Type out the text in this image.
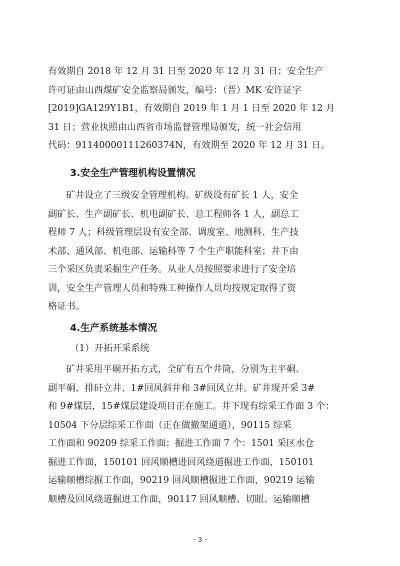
有效期自 2018 年 12 月 31 日至 2020 年 12 月 31 日；安全生产
许可证由山西煤矿安全监察局颁发，编号：（晋）MK 安许证字
[2019]GA129Y1B1，有效期自 2019 年 1 月 1 日至 2020 年 12 月
31 日；营业执照由山西省市场监督管理局颁发，统一社会信用
代码：91140000111260374N，有效期至 2020 年 12 月 31 日。
3.安全生产管理机构设置情况
矿井设立了三级安全管理机构。矿级设有矿长 1 人，安全
副矿长、生产副矿长、机电副矿长、总工程师各 1 人，副总工
程师 7 人；科级管理层设有安全部、调度室、地测科、生产技
术部、通风部、机电部、运输科等 7 个生产职能科室；井下由
三个采区负责采掘生产任务。从业人员按照要求进行了安全培
训，安全生产管理人员和特殊工种操作人员均按规定取得了资
格证书。
4.生产系统基本情况
（1）开拓开采系统
矿井采用平硐开拓方式，全矿有五个井筒，分别为主平硐、
副平硐、排矸立井、1#回风斜井和 3#回风立井。矿井现开采 3#
和 9#煤层，15#煤层建设项目正在施工。井下现有综采工作面 3 个：
10504 下分层综采工作面（正在做撤架通道），90115 综采
工作面和 90209 综采工作面；掘进工作面 7 个：1501 采区水仓
掘进工作面，150101 回风顺槽进回风绕道掘进工作面，150101
运输顺槽综掘工作面，90219 回风顺槽掘进工作面，90219 运输
顺槽及回风绕道掘进工作面，90117 回风顺槽、切眼、运输顺槽
- 3 -
